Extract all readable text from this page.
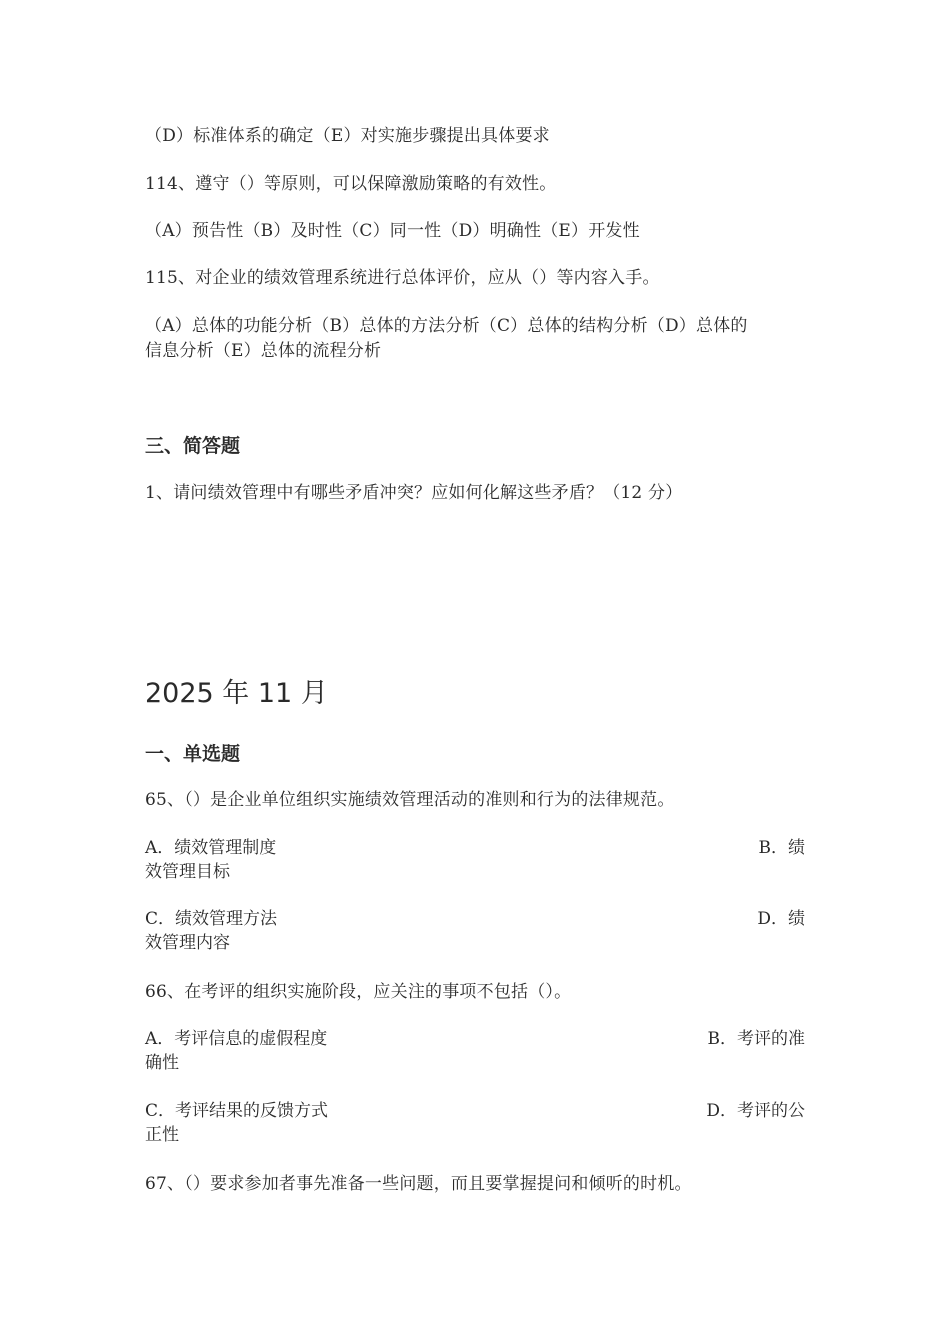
（D）标准体系的确定（E）对实施步骤提出具体要求
114、遵守（）等原则，可以保障激励策略的有效性。
（A）预告性（B）及时性（C）同一性（D）明确性（E）开发性
115、对企业的绩效管理系统进行总体评价，应从（）等内容入手。
（A）总体的功能分析（B）总体的方法分析（C）总体的结构分析（D）总体的
信息分析（E）总体的流程分析
三、简答题
1、请问绩效管理中有哪些矛盾冲突？应如何化解这些矛盾？（12 分）
2025 年 11 月
一、单选题
65、（）是企业单位组织实施绩效管理活动的准则和行为的法律规范。
A．绩效管理制度	B．绩
效管理目标
C．绩效管理方法	D．绩
效管理内容
66、在考评的组织实施阶段，应关注的事项不包括（）。
A．考评信息的虚假程度	B．考评的准
确性
C．考评结果的反馈方式	D．考评的公
正性
67、（）要求参加者事先准备一些问题，而且要掌握提问和倾听的时机。
